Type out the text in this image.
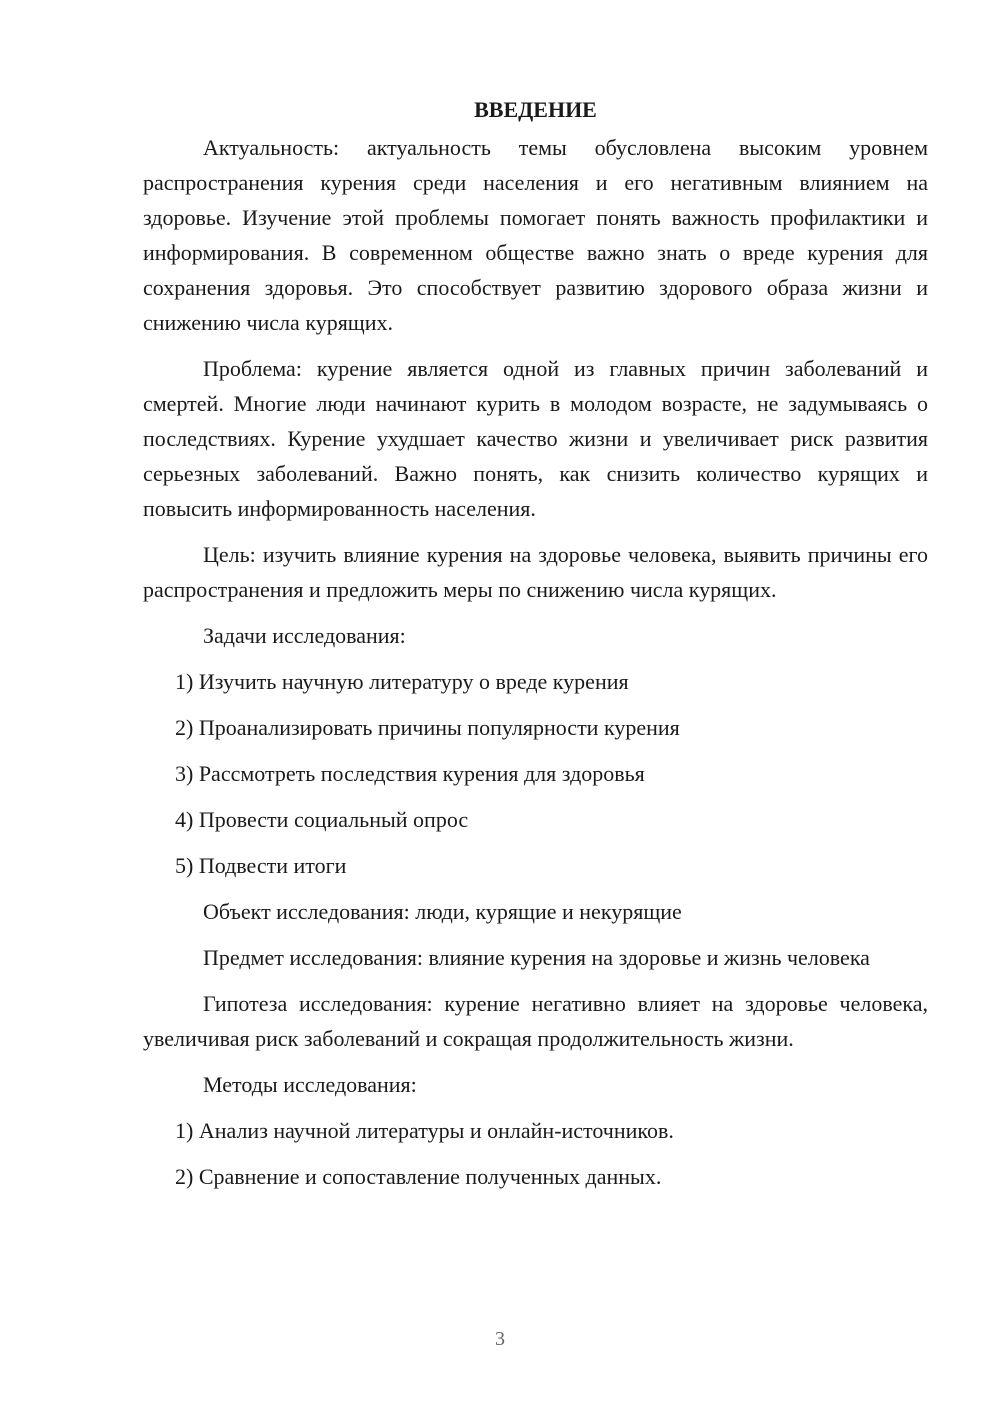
ВВЕДЕНИЕ

Актуальность: актуальность темы обусловлена высоким уровнем распространения курения среди населения и его негативным влиянием на здоровье. Изучение этой проблемы помогает понять важность профилактики и информирования. В современном обществе важно знать о вреде курения для сохранения здоровья. Это способствует развитию здорового образа жизни и снижению числа курящих.

Проблема: курение является одной из главных причин заболеваний и смертей. Многие люди начинают курить в молодом возрасте, не задумываясь о последствиях. Курение ухудшает качество жизни и увеличивает риск развития серьезных заболеваний. Важно понять, как снизить количество курящих и повысить информированность населения.

Цель: изучить влияние курения на здоровье человека, выявить причины его распространения и предложить меры по снижению числа курящих.

Задачи исследования:

1) Изучить научную литературу о вреде курения

2) Проанализировать причины популярности курения

3) Рассмотреть последствия курения для здоровья

4) Провести социальный опрос

5) Подвести итоги

Объект исследования: люди, курящие и некурящие

Предмет исследования: влияние курения на здоровье и жизнь человека

Гипотеза исследования: курение негативно влияет на здоровье человека, увеличивая риск заболеваний и сокращая продолжительность жизни.

Методы исследования:

1) Анализ научной литературы и онлайн-источников.

2) Сравнение и сопоставление полученных данных.

3
